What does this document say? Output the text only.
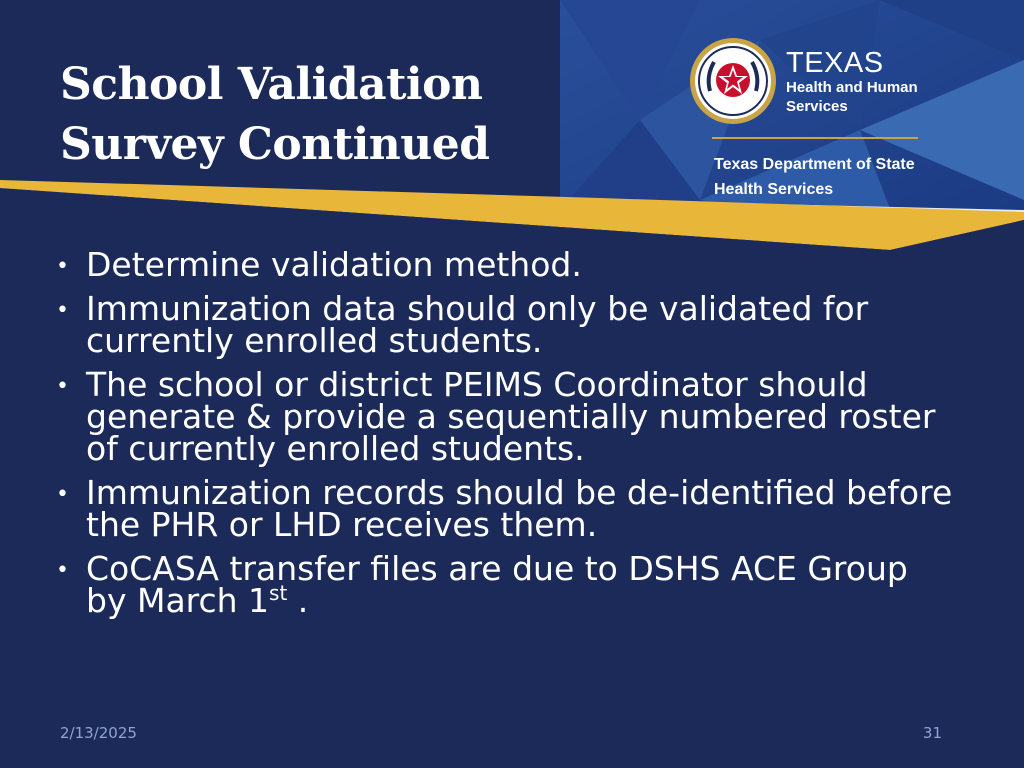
School Validation
Survey Continued
TEXAS
Health and Human
Services
Texas Department of State
Health Services
• Determine validation method.
• Immunization data should only be validated for currently enrolled students.
• The school or district PEIMS Coordinator should generate & provide a sequentially numbered roster of currently enrolled students.
• Immunization records should be de-identified before the PHR or LHD receives them.
• CoCASA transfer files are due to DSHS ACE Group by March 1st .
2/13/2025	31
